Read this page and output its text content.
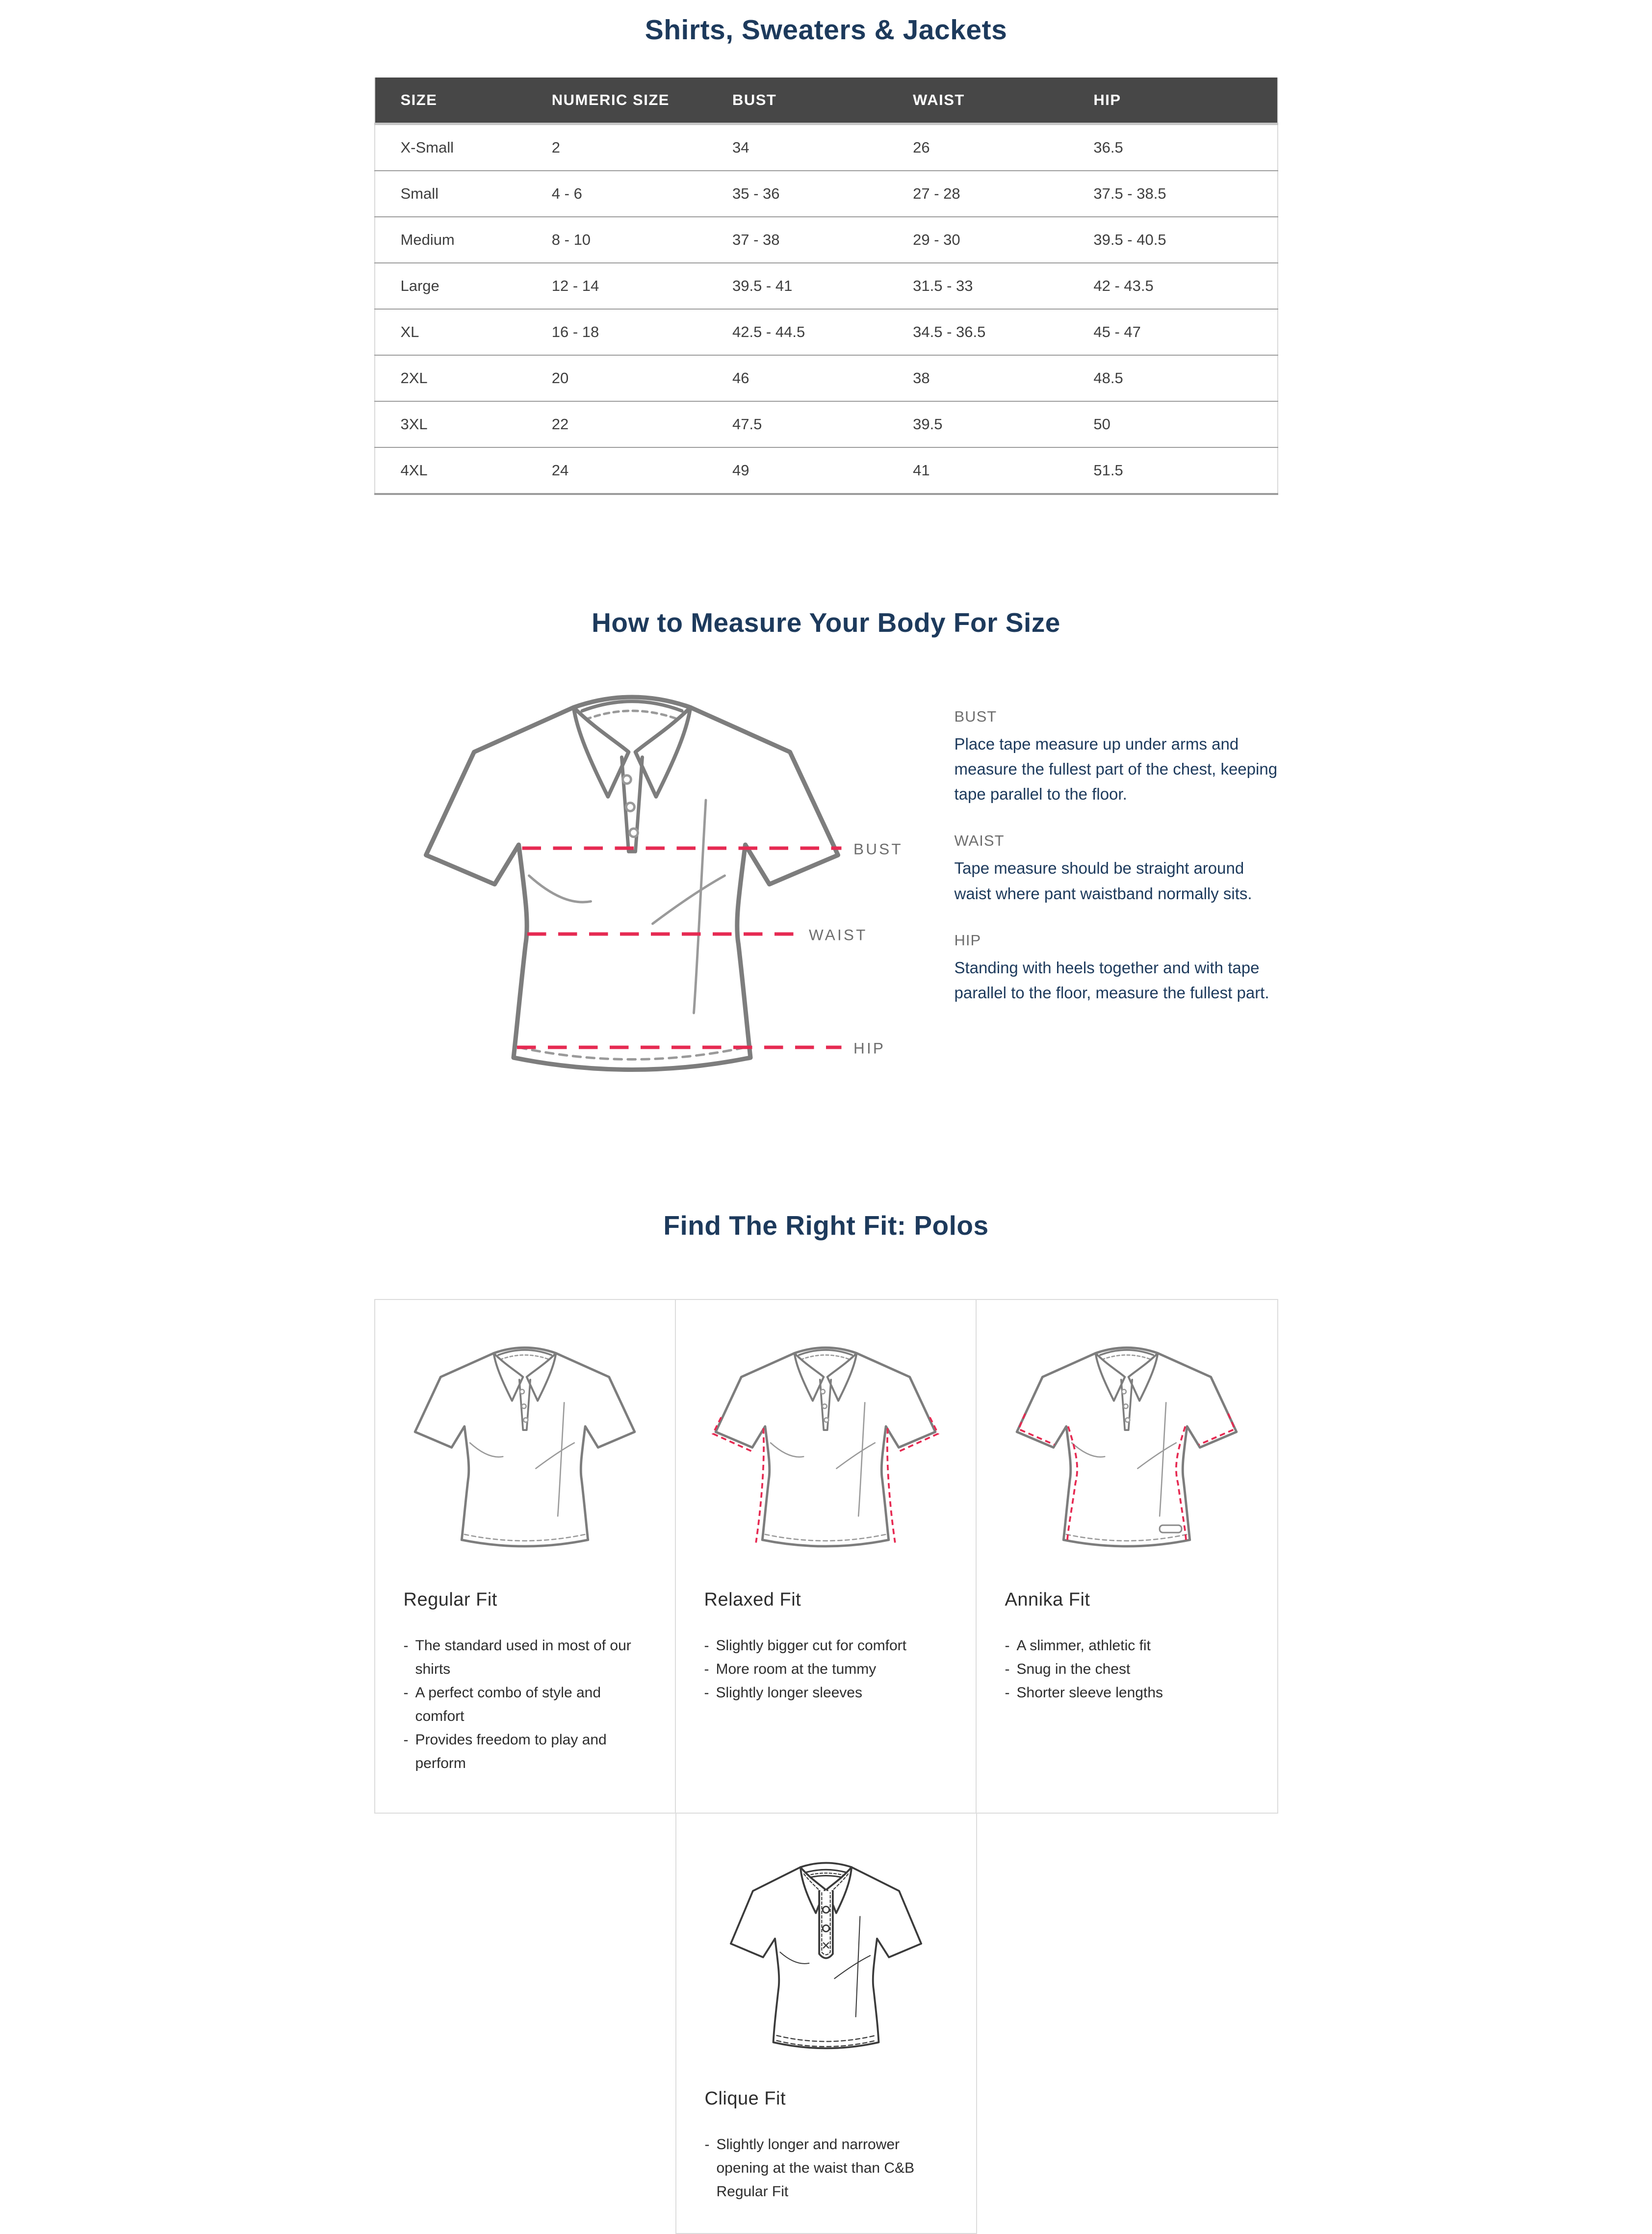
Shirts, Sweaters & Jackets
SIZE	NUMERIC SIZE	BUST	WAIST	HIP
X-Small	2	34	26	36.5
Small	4 - 6	35 - 36	27 - 28	37.5 - 38.5
Medium	8 - 10	37 - 38	29 - 30	39.5 - 40.5
Large	12 - 14	39.5 - 41	31.5 - 33	42 - 43.5
XL	16 - 18	42.5 - 44.5	34.5 - 36.5	45 - 47
2XL	20	46	38	48.5
3XL	22	47.5	39.5	50
4XL	24	49	41	51.5
How to Measure Your Body For Size
BUST
WAIST
HIP
BUST

Place tape measure up under arms and measure the fullest part of the chest, keeping tape parallel to the floor.

WAIST

Tape measure should be straight around waist where pant waistband normally sits.

HIP

Standing with heels together and with tape parallel to the floor, measure the fullest part.

Find The Right Fit: Polos
Regular Fit
- The standard used in most of our shirts
- A perfect combo of style and comfort
- Provides freedom to play and perform
Relaxed Fit
- Slightly bigger cut for comfort
- More room at the tummy
- Slightly longer sleeves
Annika Fit
- A slimmer, athletic fit
- Snug in the chest
- Shorter sleeve lengths
Clique Fit
- Slightly longer and narrower opening at the waist than C&B Regular Fit
